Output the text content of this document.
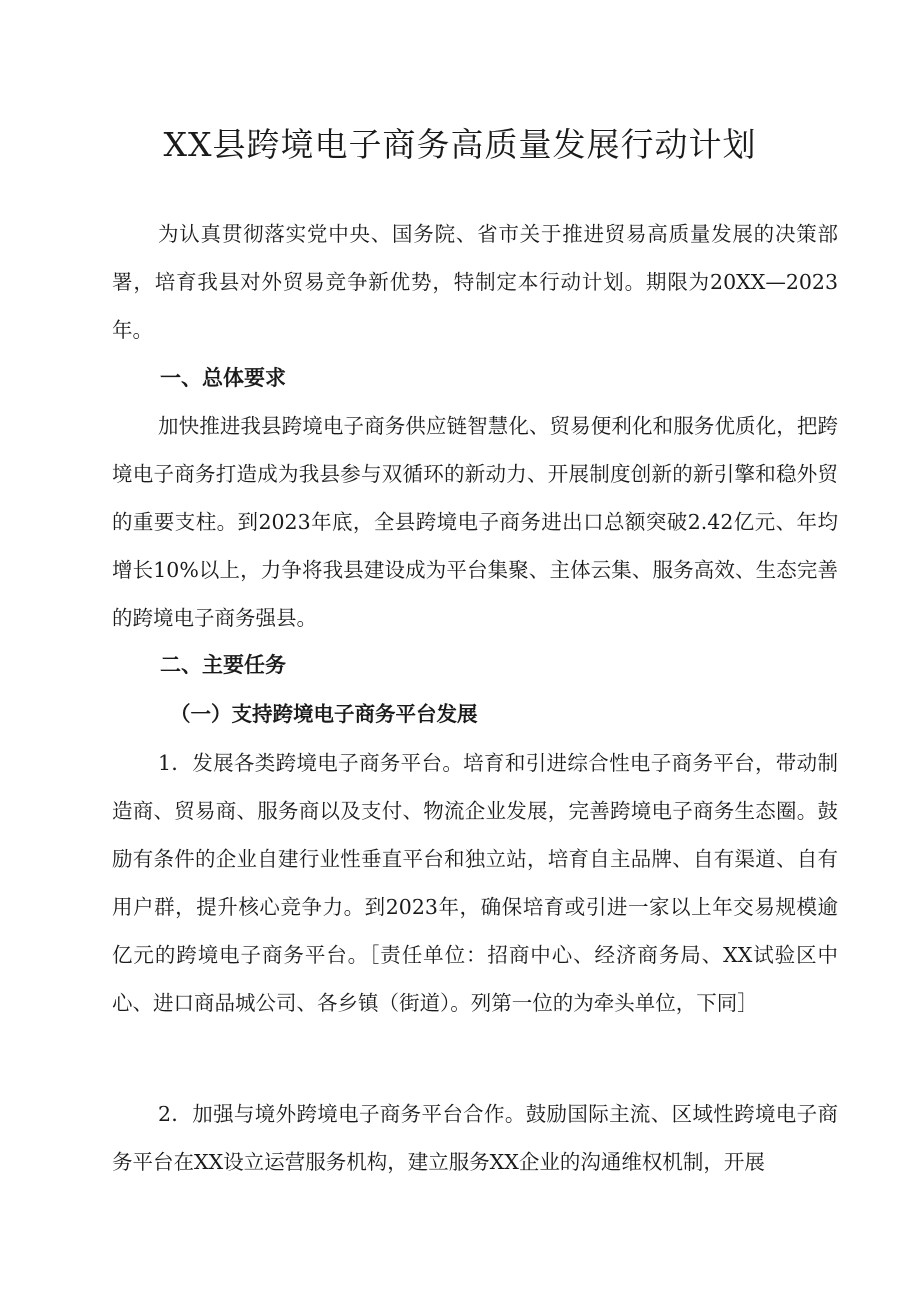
XX县跨境电子商务高质量发展行动计划

为认真贯彻落实党中央、国务院、省市关于推进贸易高质量发展的决策部署，培育我县对外贸易竞争新优势，特制定本行动计划。期限为20XX—2023年。

一、总体要求

加快推进我县跨境电子商务供应链智慧化、贸易便利化和服务优质化，把跨境电子商务打造成为我县参与双循环的新动力、开展制度创新的新引擎和稳外贸的重要支柱。到2023年底，全县跨境电子商务进出口总额突破2.42亿元、年均增长10%以上，力争将我县建设成为平台集聚、主体云集、服务高效、生态完善的跨境电子商务强县。

二、主要任务
（一）支持跨境电子商务平台发展

1．发展各类跨境电子商务平台。培育和引进综合性电子商务平台，带动制造商、贸易商、服务商以及支付、物流企业发展，完善跨境电子商务生态圈。鼓励有条件的企业自建行业性垂直平台和独立站，培育自主品牌、自有渠道、自有用户群，提升核心竞争力。到2023年，确保培育或引进一家以上年交易规模逾亿元的跨境电子商务平台。［责任单位：招商中心、经济商务局、XX试验区中心、进口商品城公司、各乡镇（街道）。列第一位的为牵头单位，下同］

2．加强与境外跨境电子商务平台合作。鼓励国际主流、区域性跨境电子商务平台在XX设立运营服务机构，建立服务XX企业的沟通维权机制，开展
